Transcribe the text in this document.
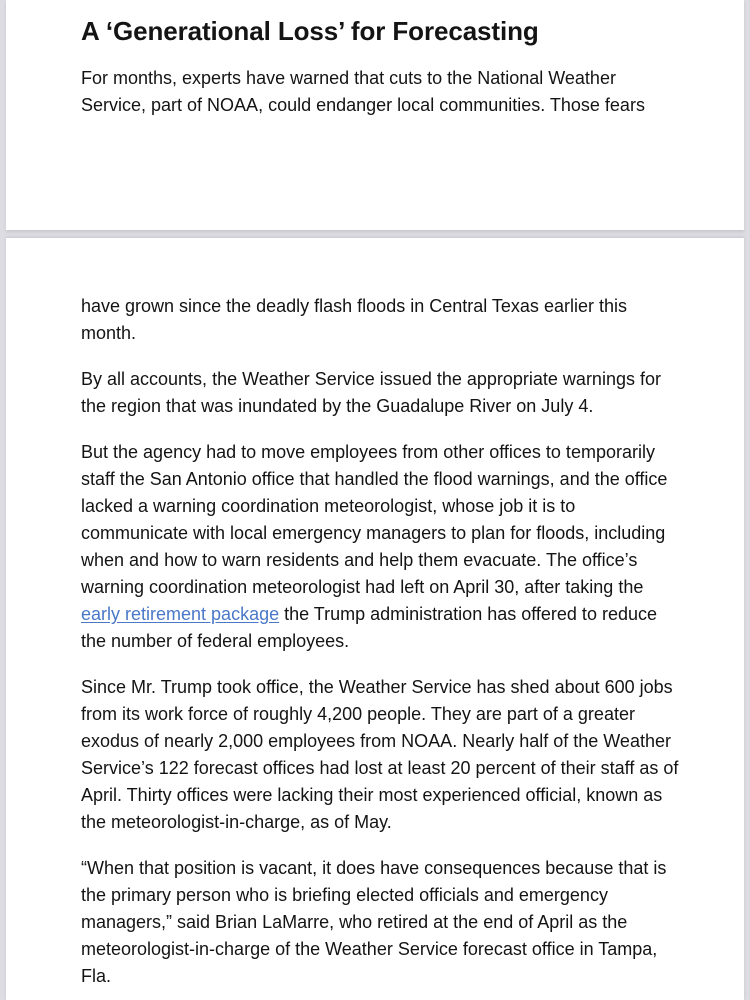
A ‘Generational Loss’ for Forecasting

For months, experts have warned that cuts to the National Weather Service, part of NOAA, could endanger local communities. Those fears

have grown since the deadly flash floods in Central Texas earlier this month.

By all accounts, the Weather Service issued the appropriate warnings for the region that was inundated by the Guadalupe River on July 4.

But the agency had to move employees from other offices to temporarily staff the San Antonio office that handled the flood warnings, and the office lacked a warning coordination meteorologist, whose job it is to communicate with local emergency managers to plan for floods, including when and how to warn residents and help them evacuate. The office’s warning coordination meteorologist had left on April 30, after taking the early retirement package the Trump administration has offered to reduce the number of federal employees.

Since Mr. Trump took office, the Weather Service has shed about 600 jobs from its work force of roughly 4,200 people. They are part of a greater exodus of nearly 2,000 employees from NOAA. Nearly half of the Weather Service’s 122 forecast offices had lost at least 20 percent of their staff as of April. Thirty offices were lacking their most experienced official, known as the meteorologist-in-charge, as of May.

“When that position is vacant, it does have consequences because that is the primary person who is briefing elected officials and emergency managers,” said Brian LaMarre, who retired at the end of April as the meteorologist-in-charge of the Weather Service forecast office in Tampa, Fla.
